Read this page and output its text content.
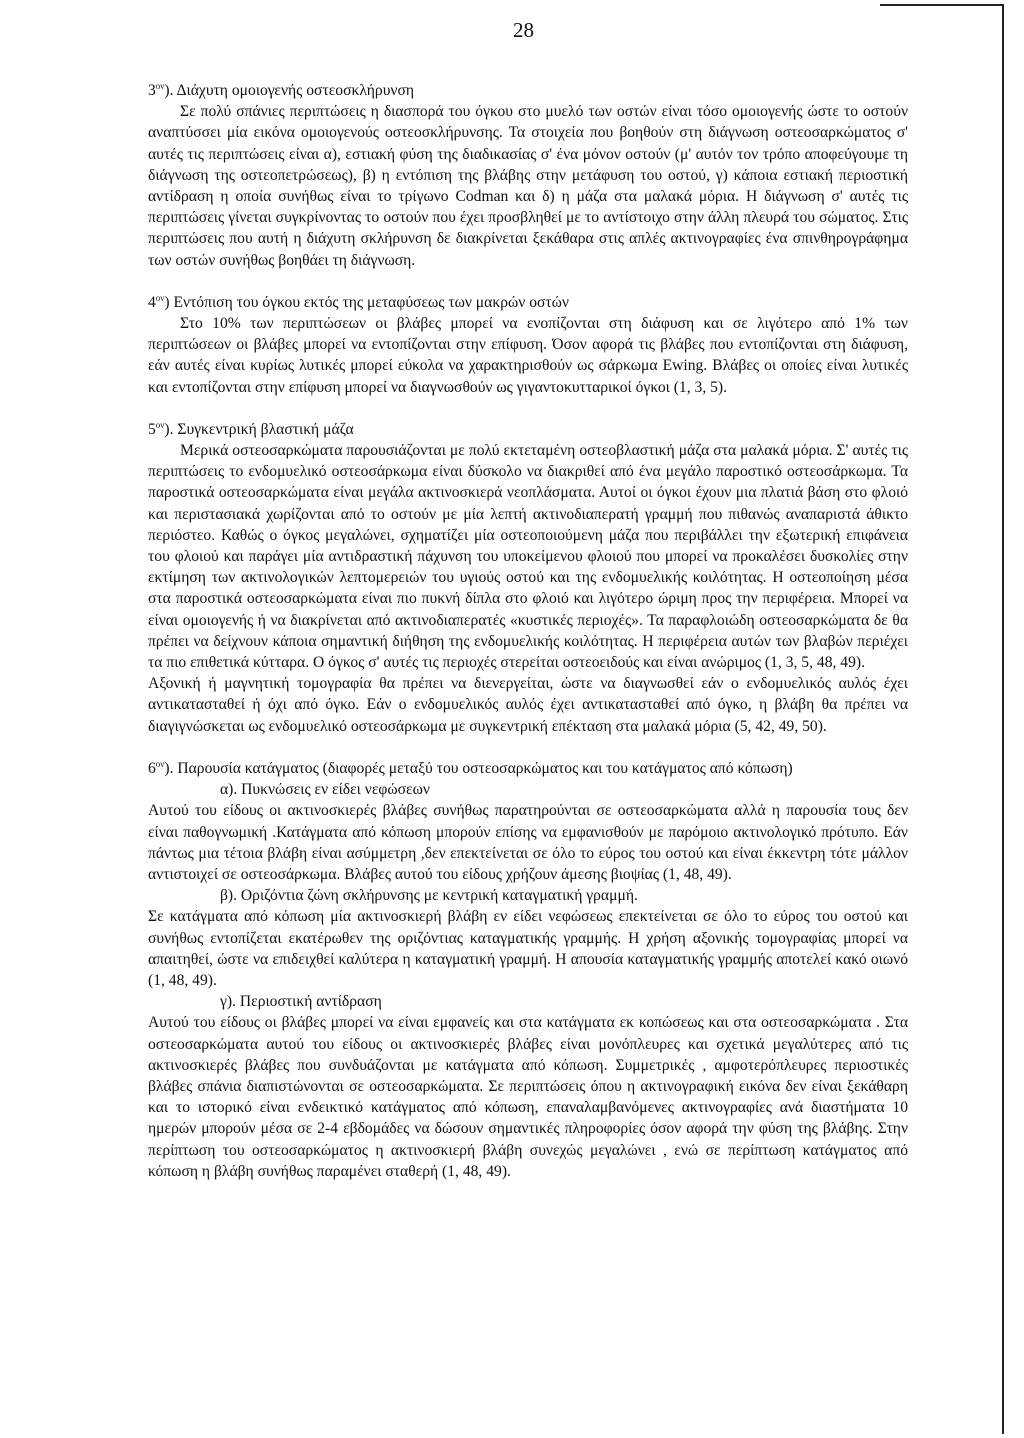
28

$3^{o\nu}$). Διάχυτη ομοιογενής οστεοσκλήρυνση

Σε πολύ σπάνιες περιπτώσεις η διασπορά του όγκου στο μυελό των οστών είναι τόσο ομοιογενής ώστε το οστούν αναπτύσσει μία εικόνα ομοιογενούς οστεοσκλήρυνσης. Τα στοιχεία που βοηθούν στη διάγνωση οστεοσαρκώματος σ' αυτές τις περιπτώσεις είναι α), εστιακή φύση της διαδικασίας σ' ένα μόνον οστούν (μ' αυτόν τον τρόπο αποφεύγουμε τη διάγνωση της οστεοπετρώσεως), β) η εντόπιση της βλάβης στην μετάφυση του οστού, γ) κάποια εστιακή περιοστική αντίδραση η οποία συνήθως είναι το τρίγωνο Codman και δ) η μάζα στα μαλακά μόρια. Η διάγνωση σ' αυτές τις περιπτώσεις γίνεται συγκρίνοντας το οστούν που έχει προσβληθεί με το αντίστοιχο στην άλλη πλευρά του σώματος. Στις περιπτώσεις που αυτή η διάχυτη σκλήρυνση δε διακρίνεται ξεκάθαρα στις απλές ακτινογραφίες ένα σπινθηρογράφημα των οστών συνήθως βοηθάει τη διάγνωση.

$4^{o\nu}$) Εντόπιση του όγκου εκτός της μεταφύσεως των μακρών οστών

Στο 10% των περιπτώσεων οι βλάβες μπορεί να ενοπίζονται στη διάφυση και σε λιγότερο από 1% των περιπτώσεων οι βλάβες μπορεί να εντοπίζονται στην επίφυση. Όσον αφορά τις βλάβες που εντοπίζονται στη διάφυση, εάν αυτές είναι κυρίως λυτικές μπορεί εύκολα να χαρακτηρισθούν ως σάρκωμα Ewing. Βλάβες οι οποίες είναι λυτικές και εντοπίζονται στην επίφυση μπορεί να διαγνωσθούν ως γιγαντοκυτταρικοί όγκοι (1, 3, 5).

$5^{o\nu}$). Συγκεντρική βλαστική μάζα

Μερικά οστεοσαρκώματα παρουσιάζονται με πολύ εκτεταμένη οστεοβλαστική μάζα στα μαλακά μόρια. Σ' αυτές τις περιπτώσεις το ενδομυελικό οστεοσάρκωμα είναι δύσκολο να διακριθεί από ένα μεγάλο παροστικό οστεοσάρκωμα. Τα παροστικά οστεοσαρκώματα είναι μεγάλα ακτινοσκιερά νεοπλάσματα. Αυτοί οι όγκοι έχουν μια πλατιά βάση στο φλοιό και περιστασιακά χωρίζονται από το οστούν με μία λεπτή ακτινοδιαπερατή γραμμή που πιθανώς αναπαριστά άθικτο περιόστεο. Καθώς ο όγκος μεγαλώνει, σχηματίζει μία οστεοποιούμενη μάζα που περιβάλλει την εξωτερική επιφάνεια του φλοιού και παράγει μία αντιδραστική πάχυνση του υποκείμενου φλοιού που μπορεί να προκαλέσει δυσκολίες στην εκτίμηση των ακτινολογικών λεπτομερειών του υγιούς οστού και της ενδομυελικής κοιλότητας. Η οστεοποίηση μέσα στα παροστικά οστεοσαρκώματα είναι πιο πυκνή δίπλα στο φλοιό και λιγότερο ώριμη προς την περιφέρεια. Μπορεί να είναι ομοιογενής ή να διακρίνεται από ακτινοδιαπερατές «κυστικές περιοχές». Τα παραφλοιώδη οστεοσαρκώματα δε θα πρέπει να δείχνουν κάποια σημαντική διήθηση της ενδομυελικής κοιλότητας. Η περιφέρεια αυτών των βλαβών περιέχει τα πιο επιθετικά κύτταρα. Ο όγκος σ' αυτές τις περιοχές στερείται οστεοειδούς και είναι ανώριμος (1, 3, 5, 48, 49).

Αξονική ή μαγνητική τομογραφία θα πρέπει να διενεργείται, ώστε να διαγνωσθεί εάν ο ενδομυελικός αυλός έχει αντικατασταθεί ή όχι από όγκο. Εάν ο ενδομυελικός αυλός έχει αντικατασταθεί από όγκο, η βλάβη θα πρέπει να διαγιγνώσκεται ως ενδομυελικό οστεοσάρκωμα με συγκεντρική επέκταση στα μαλακά μόρια (5, 42, 49, 50).

$6^{o\nu}$). Παρουσία κατάγματος (διαφορές μεταξύ του οστεοσαρκώματος και του κατάγματος από κόπωση)

α). Πυκνώσεις εν είδει νεφώσεων

Αυτού του είδους οι ακτινοσκιερές βλάβες συνήθως παρατηρούνται σε οστεοσαρκώματα αλλά η παρουσία τους δεν είναι παθογνωμική .Κατάγματα από κόπωση μπορούν επίσης να εμφανισθούν με παρόμοιο ακτινολογικό πρότυπο. Εάν πάντως μια τέτοια βλάβη είναι ασύμμετρη ,δεν επεκτείνεται σε όλο το εύρος του οστού και είναι έκκεντρη τότε μάλλον αντιστοιχεί σε οστεοσάρκωμα. Βλάβες αυτού του είδους χρήζουν άμεσης βιοψίας (1, 48, 49).

β). Οριζόντια ζώνη σκλήρυνσης με κεντρική καταγματική γραμμή.

Σε κατάγματα από κόπωση μία ακτινοσκιερή βλάβη εν είδει νεφώσεως επεκτείνεται σε όλο το εύρος του οστού και συνήθως εντοπίζεται εκατέρωθεν της οριζόντιας καταγματικής γραμμής. Η χρήση αξονικής τομογραφίας μπορεί να απαιτηθεί, ώστε να επιδειχθεί καλύτερα η καταγματική γραμμή. Η απουσία καταγματικής γραμμής αποτελεί κακό οιωνό (1, 48, 49).

γ). Περιοστική αντίδραση

Αυτού του είδους οι βλάβες μπορεί να είναι εμφανείς και στα κατάγματα εκ κοπώσεως και στα οστεοσαρκώματα . Στα οστεοσαρκώματα αυτού του είδους οι ακτινοσκιερές βλάβες είναι μονόπλευρες και σχετικά μεγαλύτερες από τις ακτινοσκιερές βλάβες που συνδυάζονται με κατάγματα από κόπωση. Συμμετρικές , αμφοτερόπλευρες περιοστικές βλάβες σπάνια διαπιστώνονται σε οστεοσαρκώματα. Σε περιπτώσεις όπου η ακτινογραφική εικόνα δεν είναι ξεκάθαρη και το ιστορικό είναι ενδεικτικό κατάγματος από κόπωση, επαναλαμβανόμενες ακτινογραφίες ανά διαστήματα 10 ημερών μπορούν μέσα σε 2-4 εβδομάδες να δώσουν σημαντικές πληροφορίες όσον αφορά την φύση της βλάβης. Στην περίπτωση του οστεοσαρκώματος η ακτινοσκιερή βλάβη συνεχώς μεγαλώνει , ενώ σε περίπτωση κατάγματος από κόπωση η βλάβη συνήθως παραμένει σταθερή (1, 48, 49).
